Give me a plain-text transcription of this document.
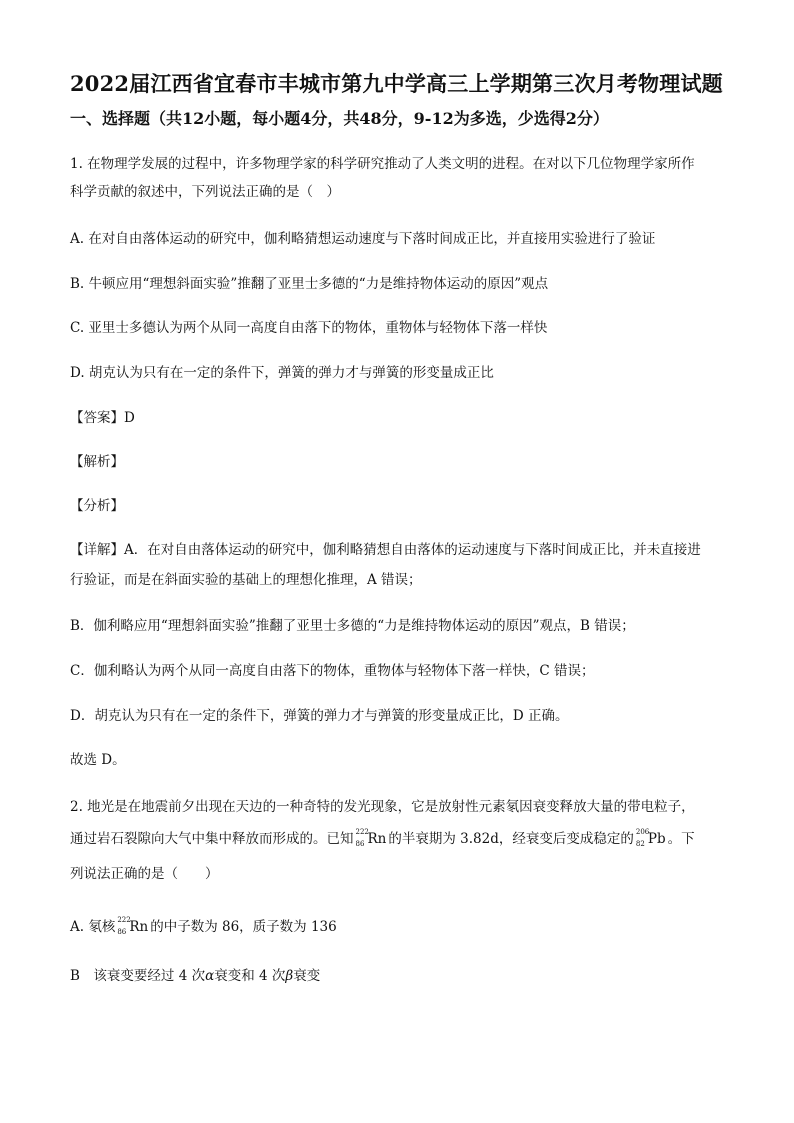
2022届江西省宜春市丰城市第九中学高三上学期第三次月考物理试题
一、选择题（共12小题，每小题4分，共48分，9-12为多选，少选得2分）
1. 在物理学发展的过程中，许多物理学家的科学研究推动了人类文明的进程。在对以下几位物理学家所作
科学贡献的叙述中，下列说法正确的是（　）
A. 在对自由落体运动的研究中，伽利略猜想运动速度与下落时间成正比，并直接用实验进行了验证
B. 牛顿应用“理想斜面实验”推翻了亚里士多德的“力是维持物体运动的原因”观点
C. 亚里士多德认为两个从同一高度自由落下的物体，重物体与轻物体下落一样快
D. 胡克认为只有在一定的条件下，弹簧的弹力才与弹簧的形变量成正比
【答案】D
【解析】
【分析】
【详解】A．在对自由落体运动的研究中，伽利略猜想自由落体的运动速度与下落时间成正比，并未直接进
行验证，而是在斜面实验的基础上的理想化推理，A 错误；
B．伽利略应用“理想斜面实验”推翻了亚里士多德的“力是维持物体运动的原因”观点，B 错误；
C．伽利略认为两个从同一高度自由落下的物体，重物体与轻物体下落一样快，C 错误；
D．胡克认为只有在一定的条件下，弹簧的弹力才与弹簧的形变量成正比，D 正确。
故选 D。
2. 地光是在地震前夕出现在天边的一种奇特的发光现象，它是放射性元素氡因衰变释放大量的带电粒子，
通过岩石裂隙向大气中集中释放而形成的。已知 222
86 Rn 的半衰期为 3.82d，经衰变后变成稳定的 206
82 Pb 。下
列说法正确的是（　　）
A. 氡核 222
86 Rn 的中子数为 86，质子数为 136
B　该衰变要经过 4 次α衰变和 4 次β衰变
